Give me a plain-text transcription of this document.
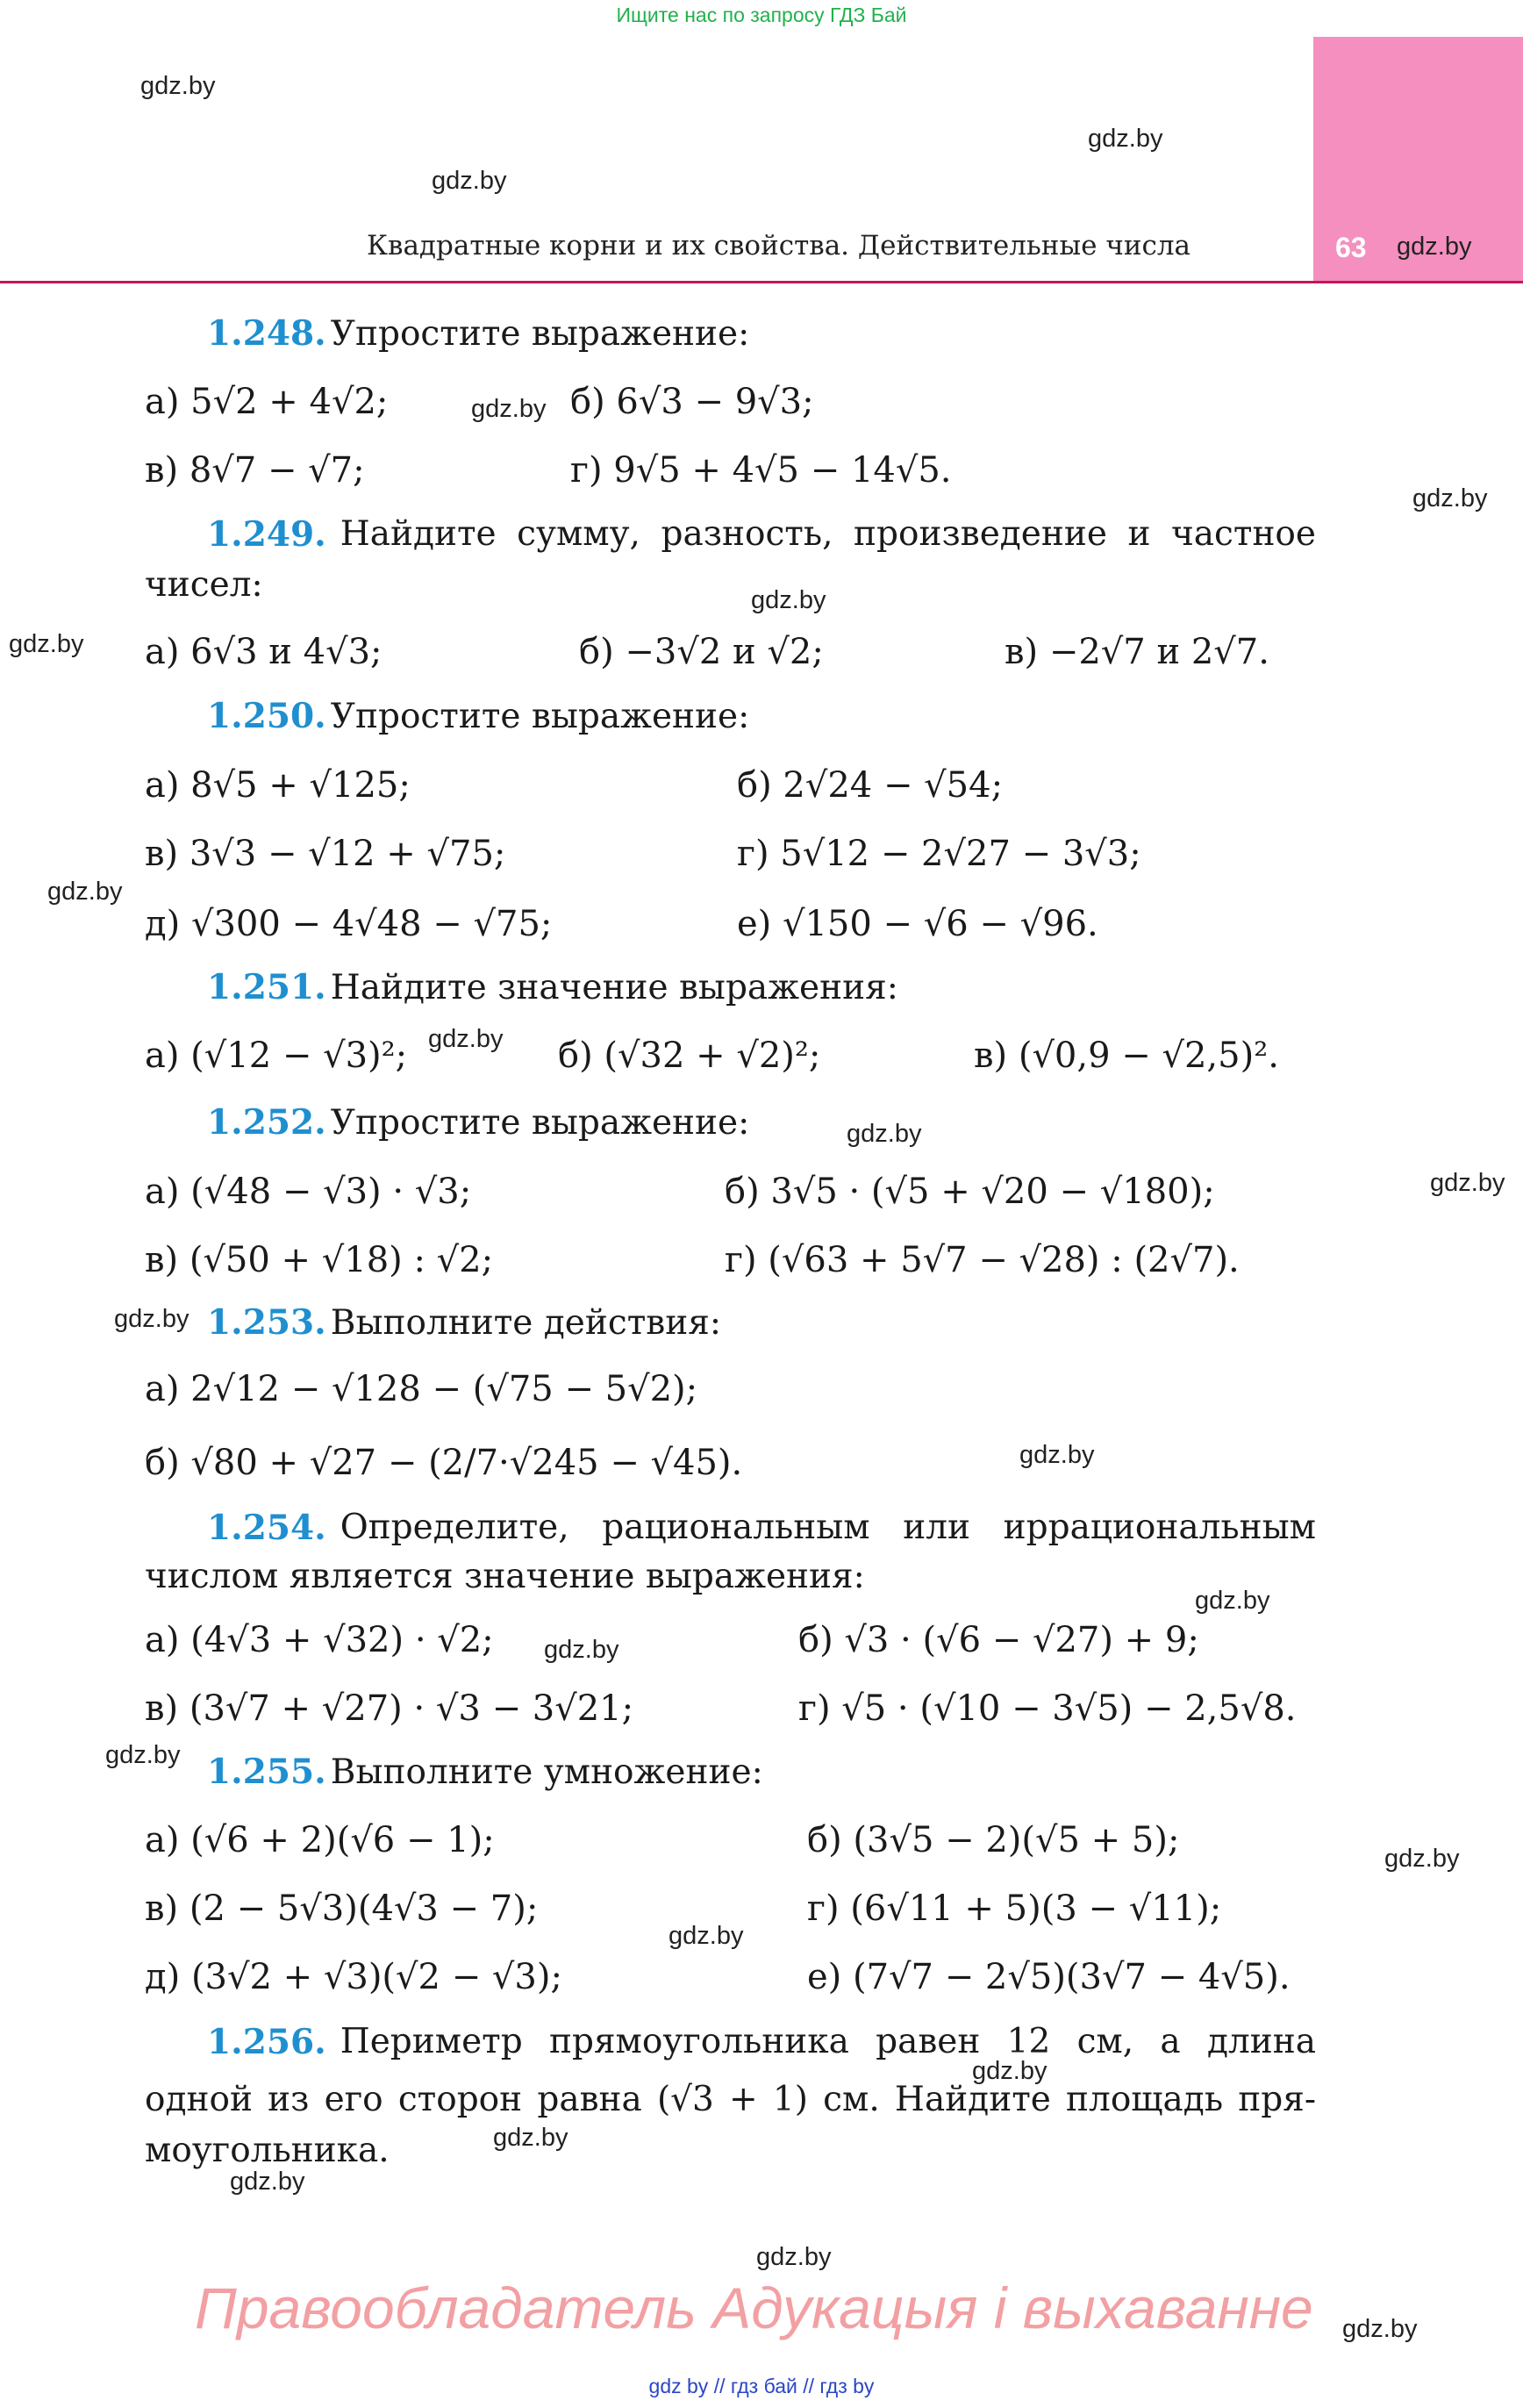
Ищите нас по запросу ГДЗ Бай
63
Квадратные корни и их свойства. Действительные числа
gdz.by
gdz.by
gdz.by
gdz.by
gdz.by
gdz.by
gdz.by
gdz.by
gdz.by
gdz.by
gdz.by
gdz.by
gdz.by
gdz.by
gdz.by
gdz.by
gdz.by
gdz.by
gdz.by
gdz.by
gdz.by
gdz.by
gdz.by
gdz.by
1.248. Упростите выражение:
а) 5√2 + 4√2;	б) 6√3 − 9√3;
в) 8√7 − √7;	г) 9√5 + 4√5 − 14√5.
1.249. Найдите сумму, разность, произведение и частное
чисел:
а) 6√3 и 4√3;	б) −3√2 и √2;	в) −2√7 и 2√7.
1.250. Упростите выражение:
а) 8√5 + √125;	б) 2√24 − √54;
в) 3√3 − √12 + √75;	г) 5√12 − 2√27 − 3√3;
д) √300 − 4√48 − √75;	е) √150 − √6 − √96.
1.251. Найдите значение выражения:
а) (√12 − √3)²;	б) (√32 + √2)²;	в) (√0,9 − √2,5)².
1.252. Упростите выражение:
а) (√48 − √3) · √3;	б) 3√5 · (√5 + √20 − √180);
в) (√50 + √18) : √2;	г) (√63 + 5√7 − √28) : (2√7).
1.253. Выполните действия:
а) 2√12 − √128 − (√75 − 5√2);
б) √80 + √27 − (2/7·√245 − √45).
1.254. Определите, рациональным или иррациональным
числом является значение выражения:
а) (4√3 + √32) · √2;	б) √3 · (√6 − √27) + 9;
в) (3√7 + √27) · √3 − 3√21;	г) √5 · (√10 − 3√5) − 2,5√8.
1.255. Выполните умножение:
а) (√6 + 2)(√6 − 1);	б) (3√5 − 2)(√5 + 5);
в) (2 − 5√3)(4√3 − 7);	г) (6√11 + 5)(3 − √11);
д) (3√2 + √3)(√2 − √3);	е) (7√7 − 2√5)(3√7 − 4√5).
1.256. Периметр прямоугольника равен 12 см, а длина
одной из его сторон равна (√3 + 1) см. Найдите площадь пря-
моугольника.
Правообладатель Адукацыя і выхаванне
gdz by // гдз бай // гдз by
